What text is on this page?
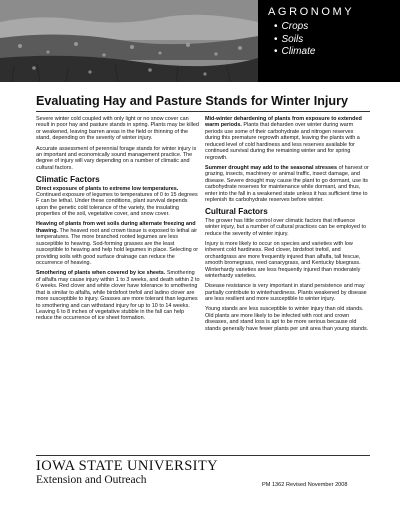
AGRONOMY
• Crops
• Soils
• Climate
Evaluating Hay and Pasture Stands for Winter Injury

Severe winter cold coupled with only light or no snow cover can result in poor hay and pasture stands in spring. Plants may be killed or weakened, leaving barren areas in the field or thinning of the stand, depending on the severity of winter injury.

Accurate assessment of perennial forage stands for winter injury is an important and economically sound management practice. The degree of injury will vary depending on a number of climatic and cultural factors.

Climatic Factors

Direct exposure of plants to extreme low temperatures. Continued exposure of legumes to temperatures of 0 to 15 degrees F can be lethal. Under these conditions, plant survival depends upon the genetic cold tolerance of the variety, the insulating properties of the soil, vegetative cover, and snow cover.

Heaving of plants from wet soils during alternate freezing and thawing. The heaved root and crown tissue is exposed to lethal air temperatures. The more branched rooted legumes are less susceptible to heaving. Sod-forming grasses are the least susceptible to heaving and help hold legumes in place. Selecting or providing soils with good surface drainage can reduce the occurrence of heaving.

Smothering of plants when covered by ice sheets. Smothering of alfalfa may cause injury within 1 to 3 weeks, and death within 2 to 6 weeks. Red clover and white clover have tolerance to smothering that is similar to alfalfa, while birdsfoot trefoil and ladino clover are more susceptible to injury. Grasses are more tolerant than legumes to smothering and can withstand injury for up to 10 to 14 weeks. Leaving 6 to 8 inches of vegetative stubble in the fall can help reduce the occurrence of ice sheet formation.

Mid-winter dehardening of plants from exposure to extended warm periods. Plants that deharden over winter during warm periods use some of their carbohydrate and nitrogen reserves during this premature regrowth attempt, leaving the plants with a reduced level of cold hardiness and less reserves available for continued survival during the remaining winter and for spring regrowth.

Summer drought may add to the seasonal stresses of harvest or grazing, insects, machinery or animal traffic, insect damage, and disease. Severe drought may cause the plant to go dormant, use its carbohydrate reserves for maintenance while dormant, and thus, enter into the fall in a weakened state unless it has sufficient time to replenish its carbohydrate reserves before winter.

Cultural Factors

The grower has little control over climatic factors that influence winter injury, but a number of cultural practices can be employed to reduce the severity of winter injury.

Injury is more likely to occur on species and varieties with low inherent cold hardiness. Red clover, birdsfoot trefoil, and orchardgrass are more frequently injured than alfalfa, tall fescue, smooth bromegrass, reed canarygrass, and Kentucky bluegrass. Winterhardy varieties are less frequently injured than moderately winterhardy varieties.

Disease resistance is very important in stand persistence and may partially contribute to winterhardiness. Plants weakened by disease are less resilient and more susceptible to winter injury.

Young stands are less susceptible to winter injury than old stands. Old plants are more likely to be infected with root and crown diseases, and stand loss is apt to be more serious because old stands generally have fewer plants per unit area than young stands.

IOWA STATE UNIVERSITY
Extension and Outreach	PM 1362 Revised November 2008
